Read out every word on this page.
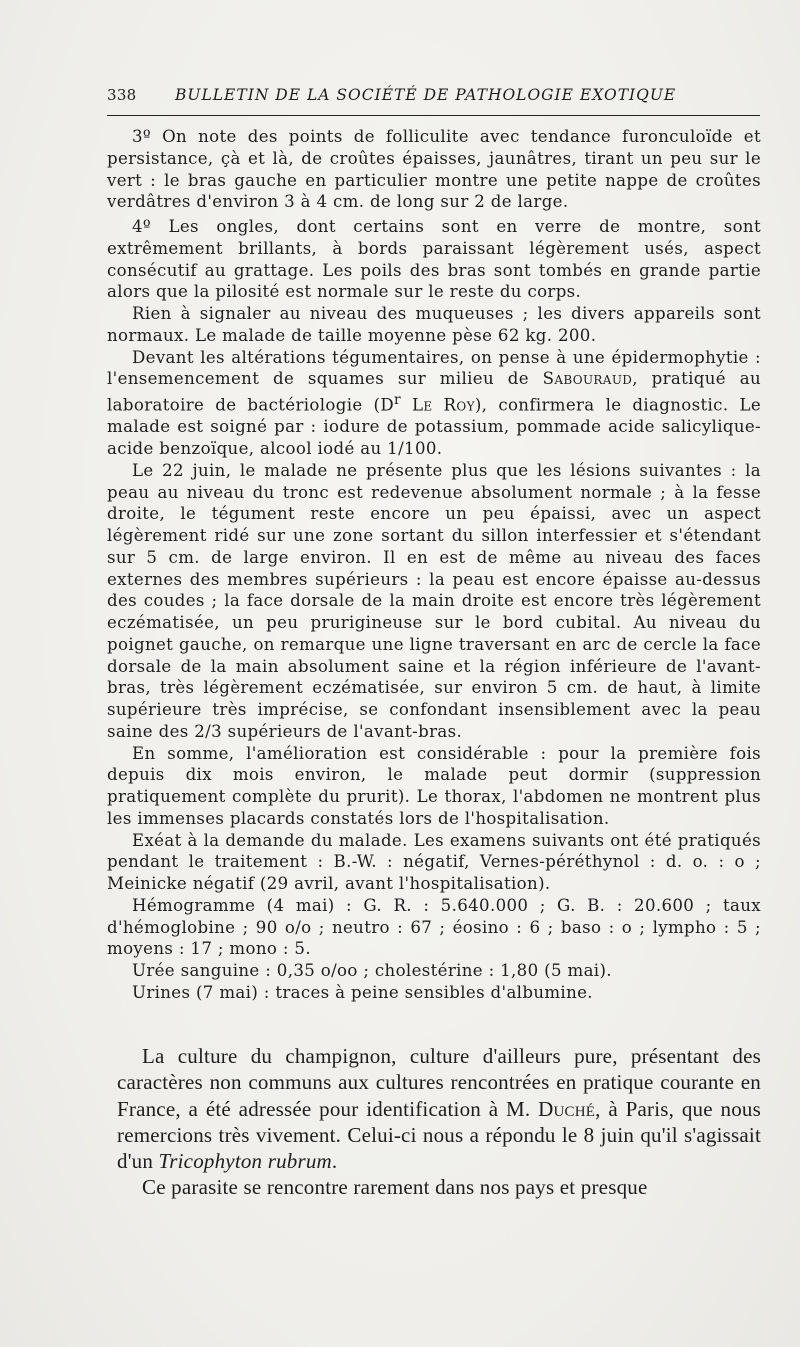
338 BULLETIN DE LA SOCIÉTÉ DE PATHOLOGIE EXOTIQUE

3º On note des points de folliculite avec tendance furonculoïde et persistance, çà et là, de croûtes épaisses, jaunâtres, tirant un peu sur le vert : le bras gauche en particulier montre une petite nappe de croûtes verdâtres d'environ 3 à 4 cm. de long sur 2 de large.

4º Les ongles, dont certains sont en verre de montre, sont extrêmement brillants, à bords paraissant légèrement usés, aspect consécutif au grattage. Les poils des bras sont tombés en grande partie alors que la pilosité est normale sur le reste du corps.

Rien à signaler au niveau des muqueuses ; les divers appareils sont normaux. Le malade de taille moyenne pèse 62 kg. 200.

Devant les altérations tégumentaires, on pense à une épidermophytie : l'ensemencement de squames sur milieu de Sabouraud, pratiqué au laboratoire de bactériologie ($D^r$ Le Roy), confirmera le diagnostic. Le malade est soigné par : iodure de potassium, pommade acide salicylique-acide benzoïque, alcool iodé au 1/100.

Le 22 juin, le malade ne présente plus que les lésions suivantes : la peau au niveau du tronc est redevenue absolument normale ; à la fesse droite, le tégument reste encore un peu épaissi, avec un aspect légèrement ridé sur une zone sortant du sillon interfessier et s'étendant sur 5 cm. de large environ. Il en est de même au niveau des faces externes des membres supérieurs : la peau est encore épaisse au-dessus des coudes ; la face dorsale de la main droite est encore très légèrement eczématisée, un peu prurigineuse sur le bord cubital. Au niveau du poignet gauche, on remarque une ligne traversant en arc de cercle la face dorsale de la main absolument saine et la région inférieure de l'avant-bras, très légèrement eczématisée, sur environ 5 cm. de haut, à limite supérieure très imprécise, se confondant insensiblement avec la peau saine des 2/3 supérieurs de l'avant-bras.

En somme, l'amélioration est considérable : pour la première fois depuis dix mois environ, le malade peut dormir (suppression pratiquement complète du prurit). Le thorax, l'abdomen ne montrent plus les immenses placards constatés lors de l'hospitalisation.

Exéat à la demande du malade. Les examens suivants ont été pratiqués pendant le traitement : B.-W. : négatif, Vernes-péréthynol : d. o. : o ; Meinicke négatif (29 avril, avant l'hospitalisation).

Hémogramme (4 mai) : G. R. : 5.640.000 ; G. B. : 20.600 ; taux d'hémoglobine ; 90 o/o ; neutro : 67 ; éosino : 6 ; baso : o ; lympho : 5 ; moyens : 17 ; mono : 5.

Urée sanguine : 0,35 o/oo ; cholestérine : 1,80 (5 mai).

Urines (7 mai) : traces à peine sensibles d'albumine.

La culture du champignon, culture d'ailleurs pure, présentant des caractères non communs aux cultures rencontrées en pratique courante en France, a été adressée pour identification à M. Duché, à Paris, que nous remercions très vivement. Celui-ci nous a répondu le 8 juin qu'il s'agissait d'un Tricophyton rubrum.

Ce parasite se rencontre rarement dans nos pays et presque
